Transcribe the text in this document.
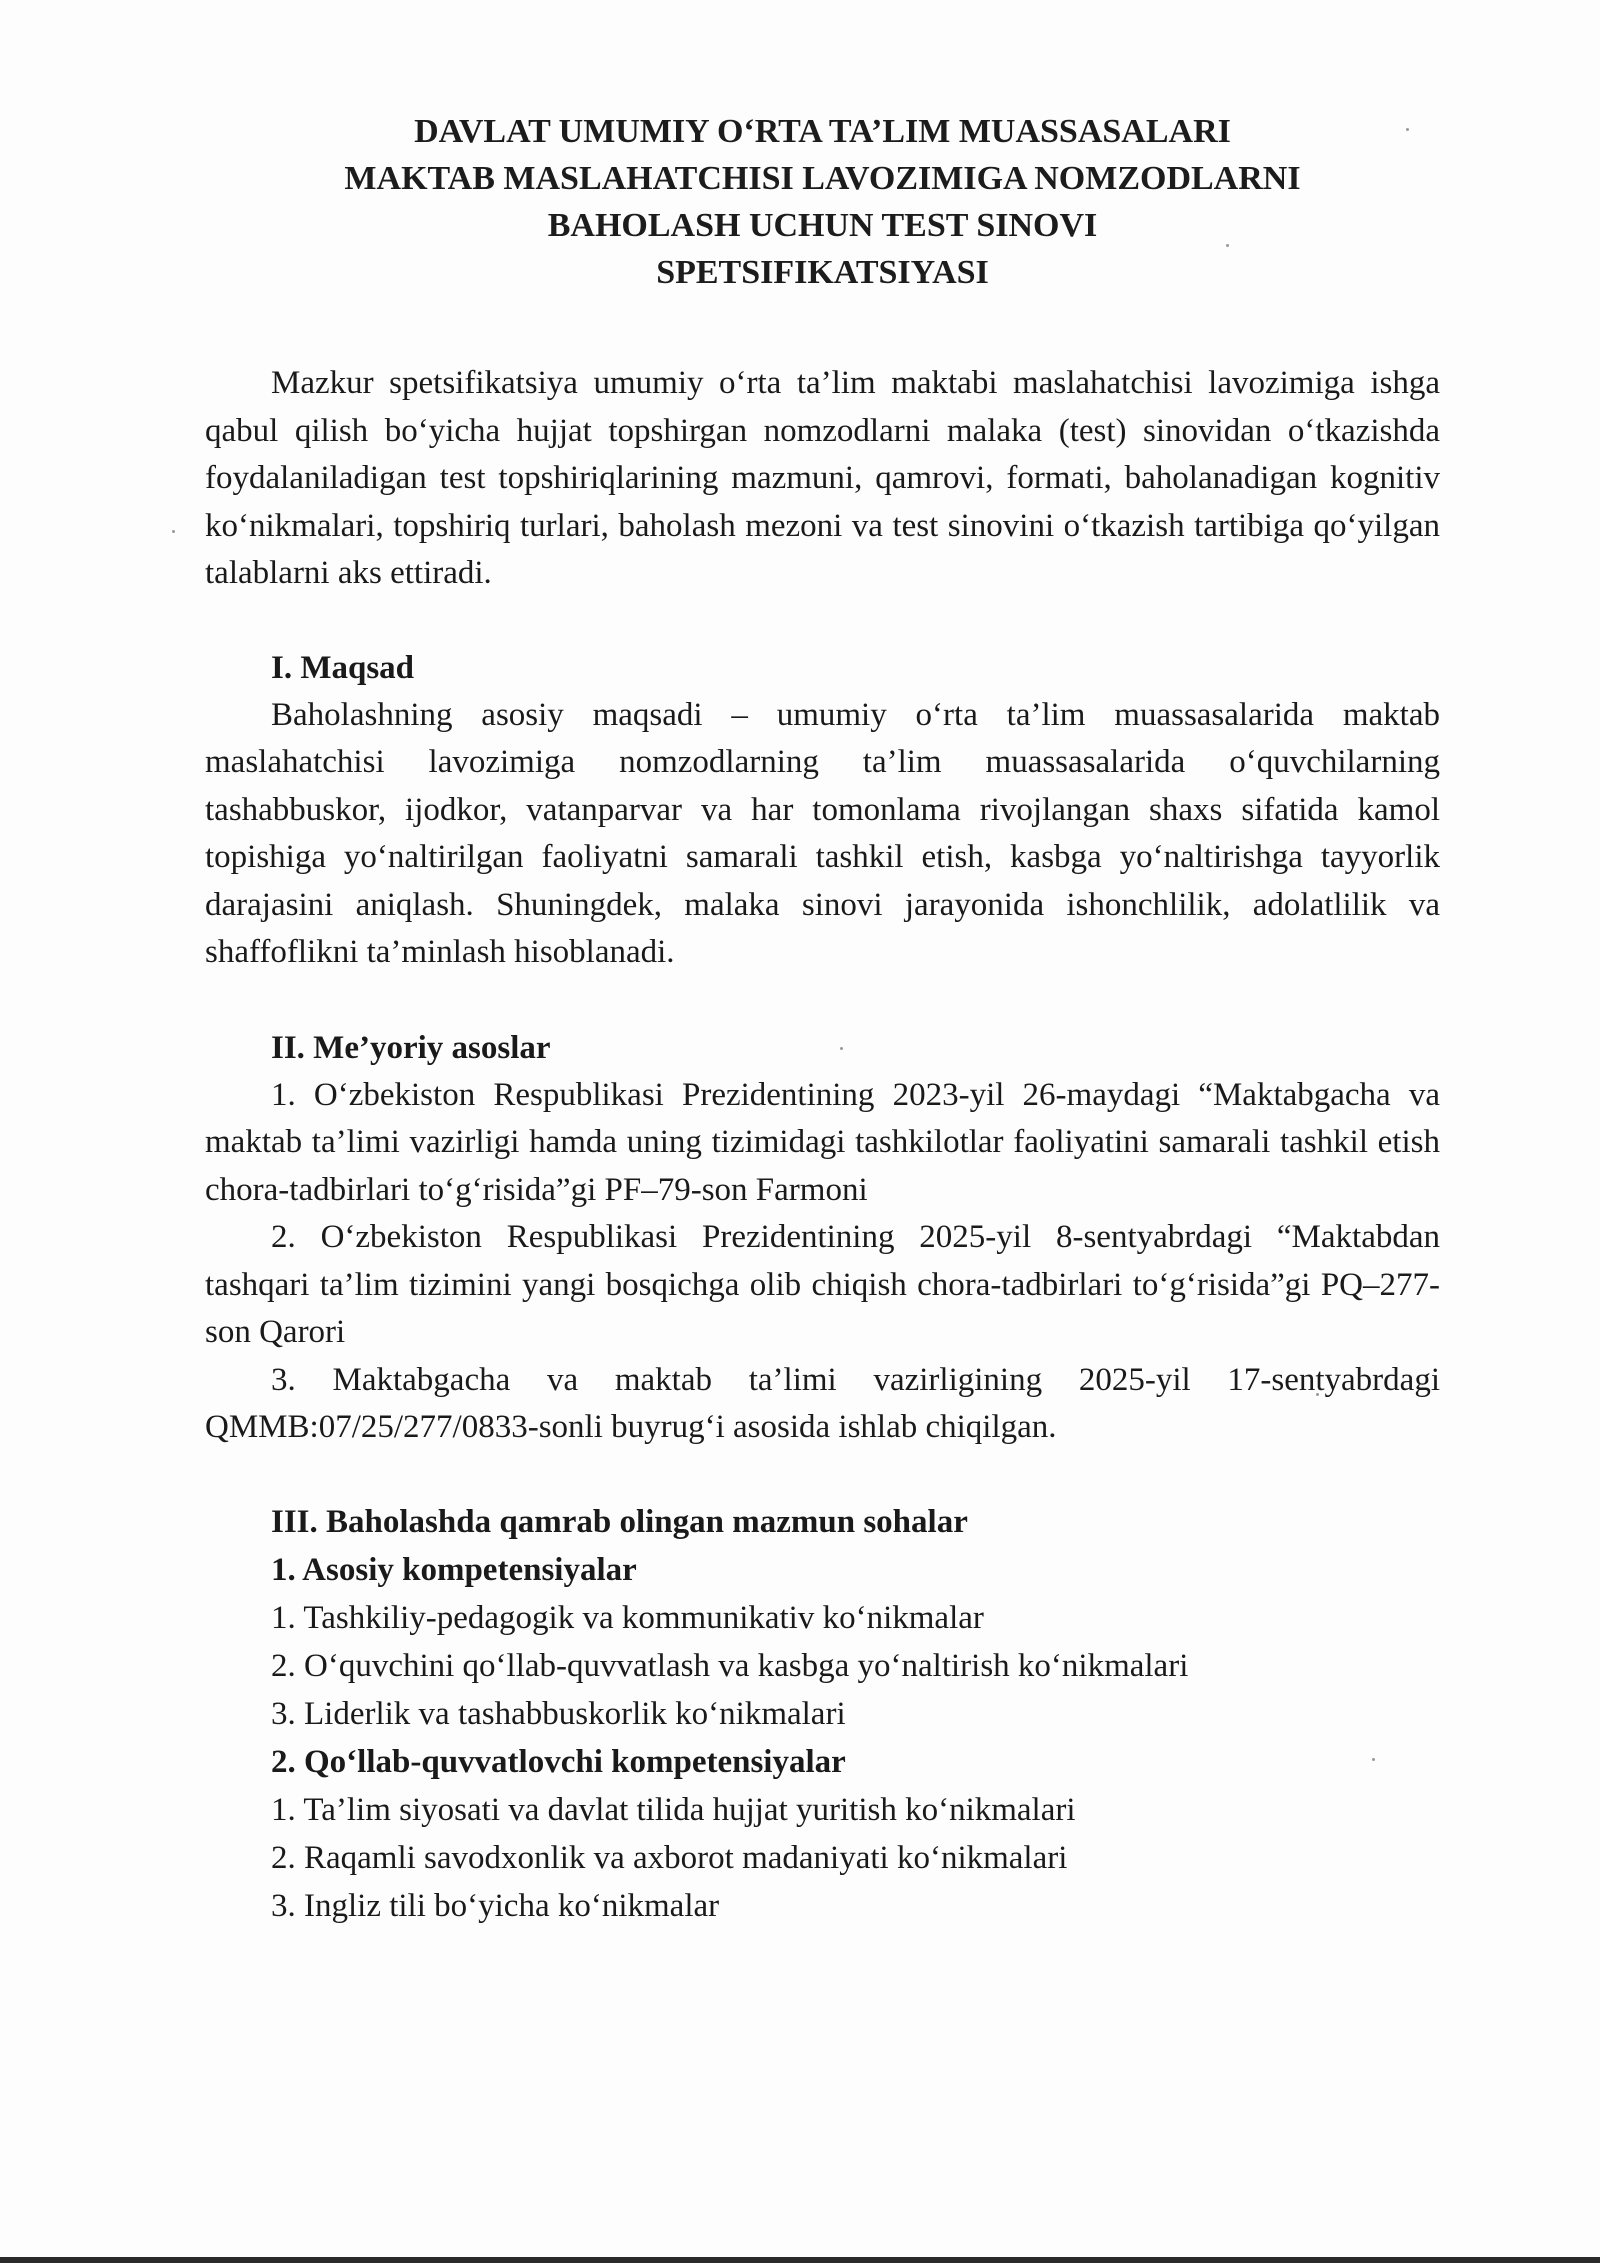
DAVLAT UMUMIY O‘RTA TA’LIM MUASSASALARI
MAKTAB MASLAHATCHISI LAVOZIMIGA NOMZODLARNI
BAHOLASH UCHUN TEST SINOVI
SPETSIFIKATSIYASI

Mazkur spetsifikatsiya umumiy o‘rta ta’lim maktabi maslahatchisi lavozimiga ishga qabul qilish bo‘yicha hujjat topshirgan nomzodlarni malaka (test) sinovidan o‘tkazishda foydalaniladigan test topshiriqlarining mazmuni, qamrovi, formati, baholanadigan kognitiv ko‘nikmalari, topshiriq turlari, baholash mezoni va test sinovini o‘tkazish tartibiga qo‘yilgan talablarni aks ettiradi.

I. Maqsad

Baholashning asosiy maqsadi – umumiy o‘rta ta’lim muassasalarida maktab maslahatchisi lavozimiga nomzodlarning ta’lim muassasalarida o‘quvchilarning tashabbuskor, ijodkor, vatanparvar va har tomonlama rivojlangan shaxs sifatida kamol topishiga yo‘naltirilgan faoliyatni samarali tashkil etish, kasbga yo‘naltirishga tayyorlik darajasini aniqlash. Shuningdek, malaka sinovi jarayonida ishonchlilik, adolatlilik va shaffoflikni ta’minlash hisoblanadi.

II. Me’yoriy asoslar

1. O‘zbekiston Respublikasi Prezidentining 2023-yil 26-maydagi “Maktabgacha va maktab ta’limi vazirligi hamda uning tizimidagi tashkilotlar faoliyatini samarali tashkil etish chora-tadbirlari to‘g‘risida”gi PF–79-son Farmoni

2. O‘zbekiston Respublikasi Prezidentining 2025-yil 8-sentyabrdagi “Maktabdan tashqari ta’lim tizimini yangi bosqichga olib chiqish chora-tadbirlari to‘g‘risida”gi PQ–277-son Qarori

3. Maktabgacha va maktab ta’limi vazirligining 2025-yil 17-sentyabrdagi QMMB:07/25/277/0833-sonli buyrug‘i asosida ishlab chiqilgan.

III. Baholashda qamrab olingan mazmun sohalar
1. Asosiy kompetensiyalar

1. Tashkiliy-pedagogik va kommunikativ ko‘nikmalar

2. O‘quvchini qo‘llab-quvvatlash va kasbga yo‘naltirish ko‘nikmalari

3. Liderlik va tashabbuskorlik ko‘nikmalari

2. Qo‘llab-quvvatlovchi kompetensiyalar

1. Ta’lim siyosati va davlat tilida hujjat yuritish ko‘nikmalari

2. Raqamli savodxonlik va axborot madaniyati ko‘nikmalari

3. Ingliz tili bo‘yicha ko‘nikmalar
